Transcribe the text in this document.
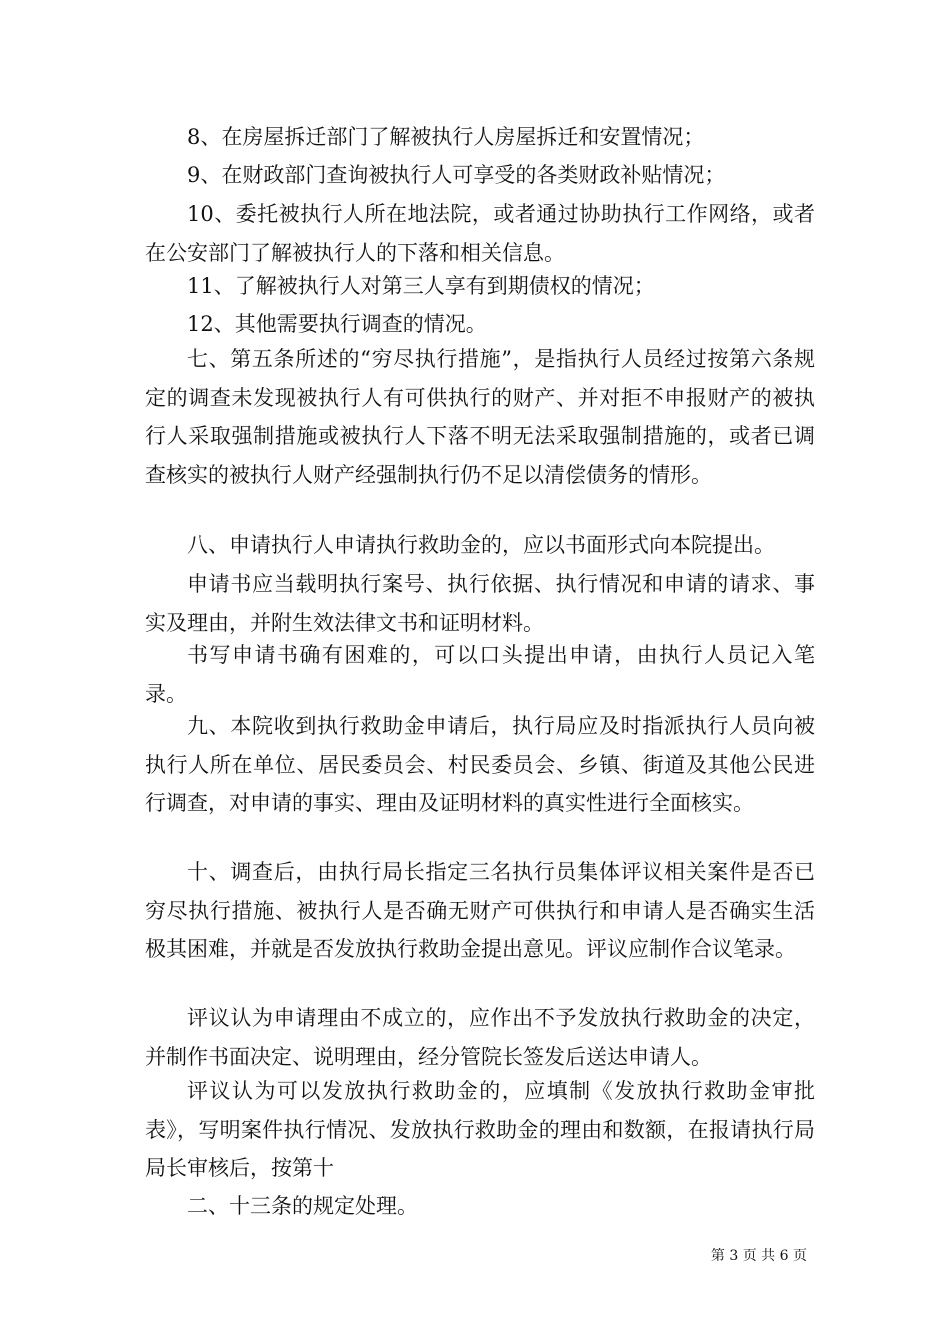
8、在房屋拆迁部门了解被执行人房屋拆迁和安置情况；

9、在财政部门查询被执行人可享受的各类财政补贴情况；

10、委托被执行人所在地法院，或者通过协助执行工作网络，或者在公安部门了解被执行人的下落和相关信息。

11、了解被执行人对第三人享有到期债权的情况；

12、其他需要执行调查的情况。

七、第五条所述的“穷尽执行措施”，是指执行人员经过按第六条规定的调查未发现被执行人有可供执行的财产、并对拒不申报财产的被执行人采取强制措施或被执行人下落不明无法采取强制措施的，或者已调查核实的被执行人财产经强制执行仍不足以清偿债务的情形。

八、申请执行人申请执行救助金的，应以书面形式向本院提出。

申请书应当载明执行案号、执行依据、执行情况和申请的请求、事实及理由，并附生效法律文书和证明材料。

书写申请书确有困难的，可以口头提出申请，由执行人员记入笔录。

九、本院收到执行救助金申请后，执行局应及时指派执行人员向被执行人所在单位、居民委员会、村民委员会、乡镇、街道及其他公民进行调查，对申请的事实、理由及证明材料的真实性进行全面核实。

十、调查后，由执行局长指定三名执行员集体评议相关案件是否已穷尽执行措施、被执行人是否确无财产可供执行和申请人是否确实生活极其困难，并就是否发放执行救助金提出意见。评议应制作合议笔录。

评议认为申请理由不成立的，应作出不予发放执行救助金的决定，并制作书面决定、说明理由，经分管院长签发后送达申请人。

评议认为可以发放执行救助金的，应填制《发放执行救助金审批表》，写明案件执行情况、发放执行救助金的理由和数额，在报请执行局局长审核后，按第十

二、十三条的规定处理。

第 3 页 共 6 页
